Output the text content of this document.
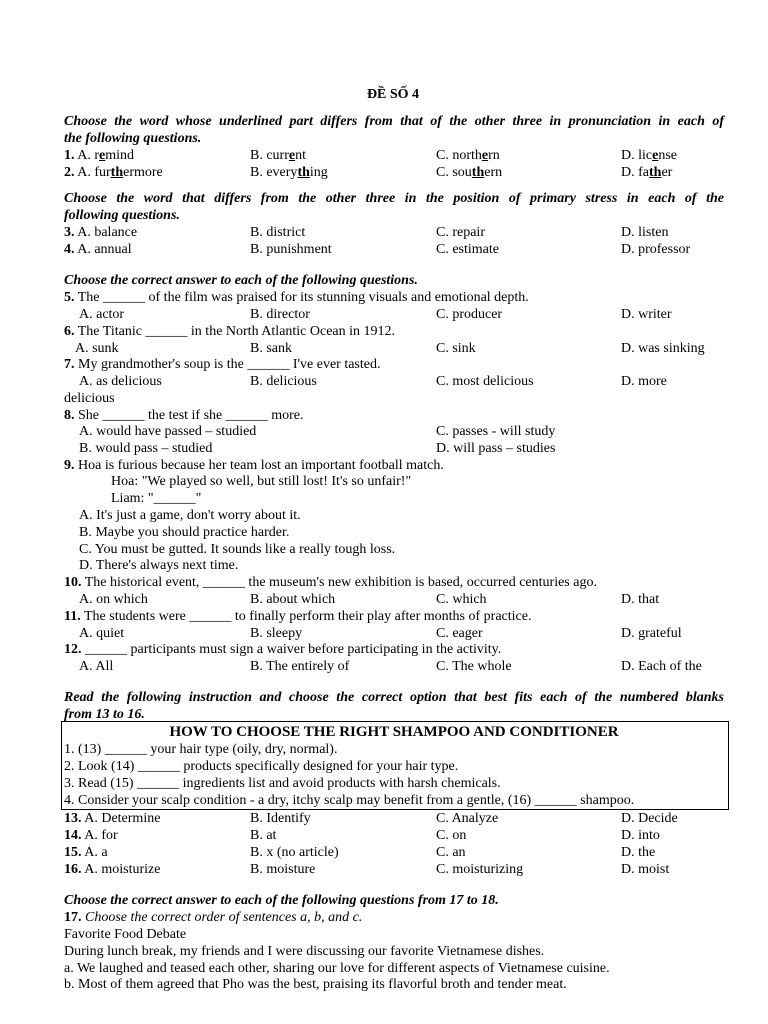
ĐỀ SỐ 4
Choose the word whose underlined part differs from that of the other three in pronunciation in each of
the following questions.
1. A. remind	B. current	C. northern	D. license
2. A. furthermore	B. everything	C. southern	D. father
Choose the word that differs from the other three in the position of primary stress in each of the
following questions.
3. A. balance	B. district	C. repair	D. listen
4. A. annual	B. punishment	C. estimate	D. professor
Choose the correct answer to each of the following questions.
5. The ______ of the film was praised for its stunning visuals and emotional depth.
A. actor	B. director	C. producer	D. writer
6. The Titanic ______ in the North Atlantic Ocean in 1912.
A. sunk	B. sank	C. sink	D. was sinking
7. My grandmother's soup is the ______ I've ever tasted.
A. as delicious	B. delicious	C. most delicious	D. more
delicious
8. She ______ the test if she ______ more.
A. would have passed – studied	C. passes - will study
B. would pass – studied	D. will pass – studies
9. Hoa is furious because her team lost an important football match.
Hoa: "We played so well, but still lost! It's so unfair!"
Liam: "______"
A. It's just a game, don't worry about it.
B. Maybe you should practice harder.
C. You must be gutted. It sounds like a really tough loss.
D. There's always next time.
10. The historical event, ______ the museum's new exhibition is based, occurred centuries ago.
A. on which	B. about which	C. which	D. that
11. The students were ______ to finally perform their play after months of practice.
A. quiet	B. sleepy	C. eager	D. grateful
12. ______ participants must sign a waiver before participating in the activity.
A. All	B. The entirely of	C. The whole	D. Each of the
Read the following instruction and choose the correct option that best fits each of the numbered blanks
from 13 to 16.
HOW TO CHOOSE THE RIGHT SHAMPOO AND CONDITIONER
1. (13) ______ your hair type (oily, dry, normal).
2. Look (14) ______ products specifically designed for your hair type.
3. Read (15) ______ ingredients list and avoid products with harsh chemicals.
4. Consider your scalp condition - a dry, itchy scalp may benefit from a gentle, (16) ______ shampoo.
13. A. Determine	B. Identify	C. Analyze	D. Decide
14. A. for	B. at	C. on	D. into
15. A. a	B. x (no article)	C. an	D. the
16. A. moisturize	B. moisture	C. moisturizing	D. moist
Choose the correct answer to each of the following questions from 17 to 18.
17. Choose the correct order of sentences a, b, and c.
Favorite Food Debate
During lunch break, my friends and I were discussing our favorite Vietnamese dishes.
a. We laughed and teased each other, sharing our love for different aspects of Vietnamese cuisine.
b. Most of them agreed that Pho was the best, praising its flavorful broth and tender meat.
